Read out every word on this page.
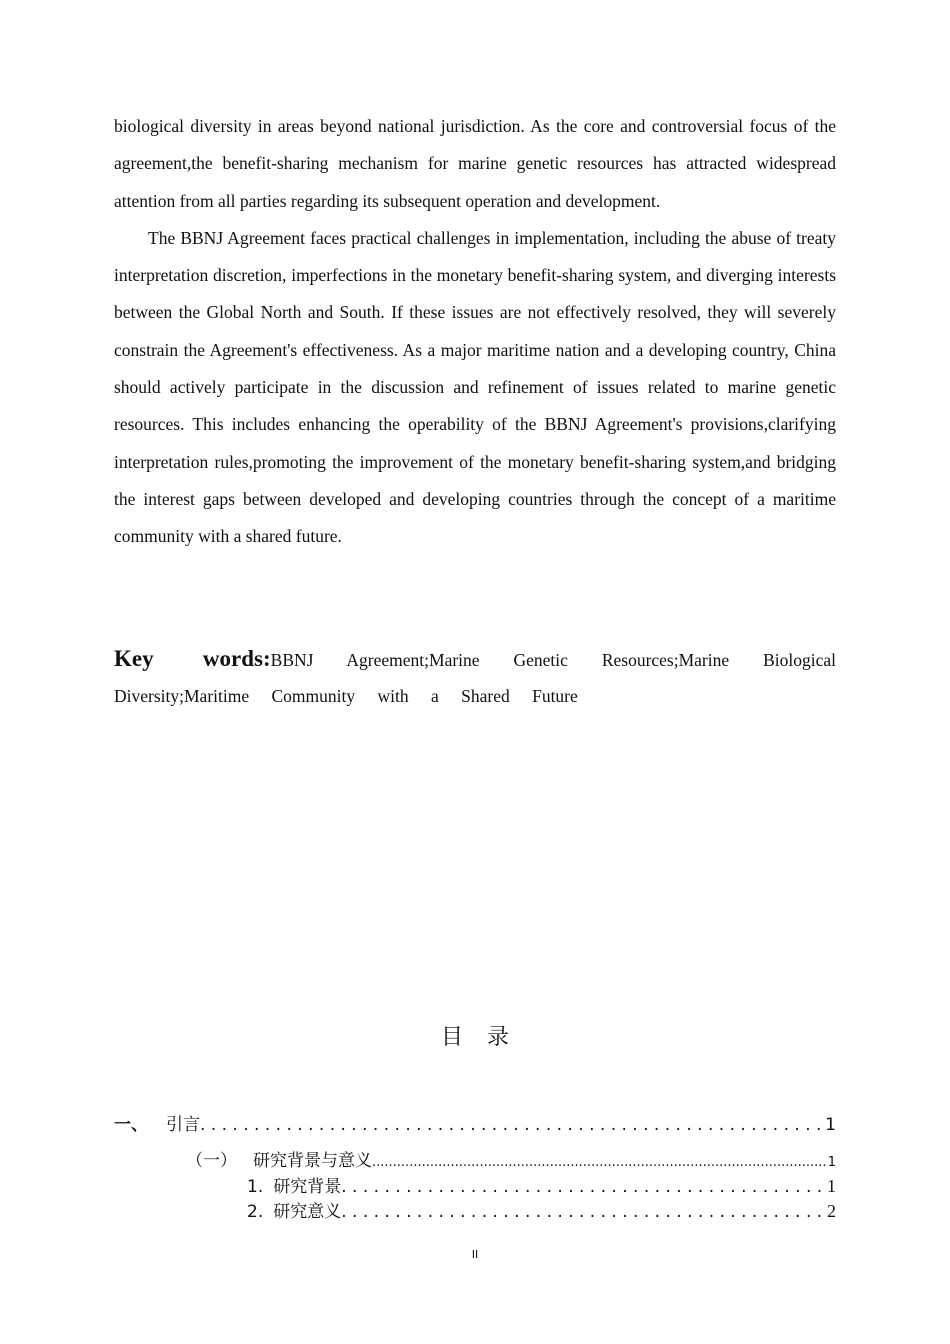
biological diversity in areas beyond national jurisdiction. As the core and controversial focus of the agreement,the benefit-sharing mechanism for marine genetic resources has attracted widespread attention from all parties regarding its subsequent operation and development.

The BBNJ Agreement faces practical challenges in implementation, including the abuse of treaty interpretation discretion, imperfections in the monetary benefit-sharing system, and diverging interests between the Global North and South. If these issues are not effectively resolved, they will severely constrain the Agreement's effectiveness. As a major maritime nation and a developing country, China should actively participate in the discussion and refinement of issues related to marine genetic resources. This includes enhancing the operability of the BBNJ Agreement's provisions,clarifying interpretation rules,promoting the improvement of the monetary benefit-sharing system,and bridging the interest gaps between developed and developing countries through the concept of a maritime community with a shared future.

Key words:BBNJ Agreement;Marine Genetic Resources;Marine Biological Diversity;Maritime Community with a Shared Future
目录
一、 引言 . . .	1
（一） 研究背景与意义 .....	1
1. 研究背景 . . .	1
2. 研究意义 . . .	2
II
